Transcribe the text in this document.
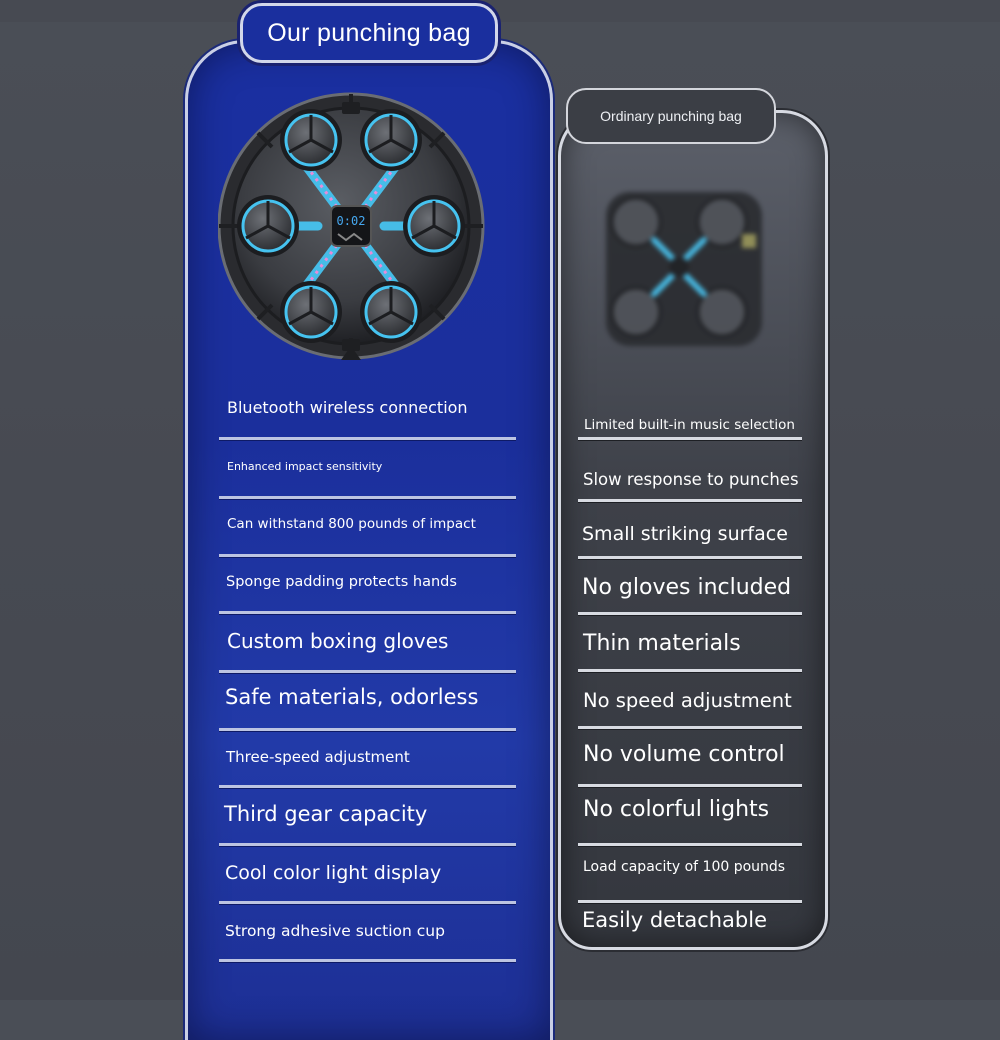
Our punching bag
Ordinary punching bag
0:02
Bluetooth wireless connection
Enhanced impact sensitivity
Can withstand 800 pounds of impact
Sponge padding protects hands
Custom boxing gloves
Safe materials, odorless
Three-speed adjustment
Third gear capacity
Cool color light display
Strong adhesive suction cup
Limited built-in music selection
Slow response to punches
Small striking surface
No gloves included
Thin materials
No speed adjustment
No volume control
No colorful lights
Load capacity of 100 pounds
Easily detachable
